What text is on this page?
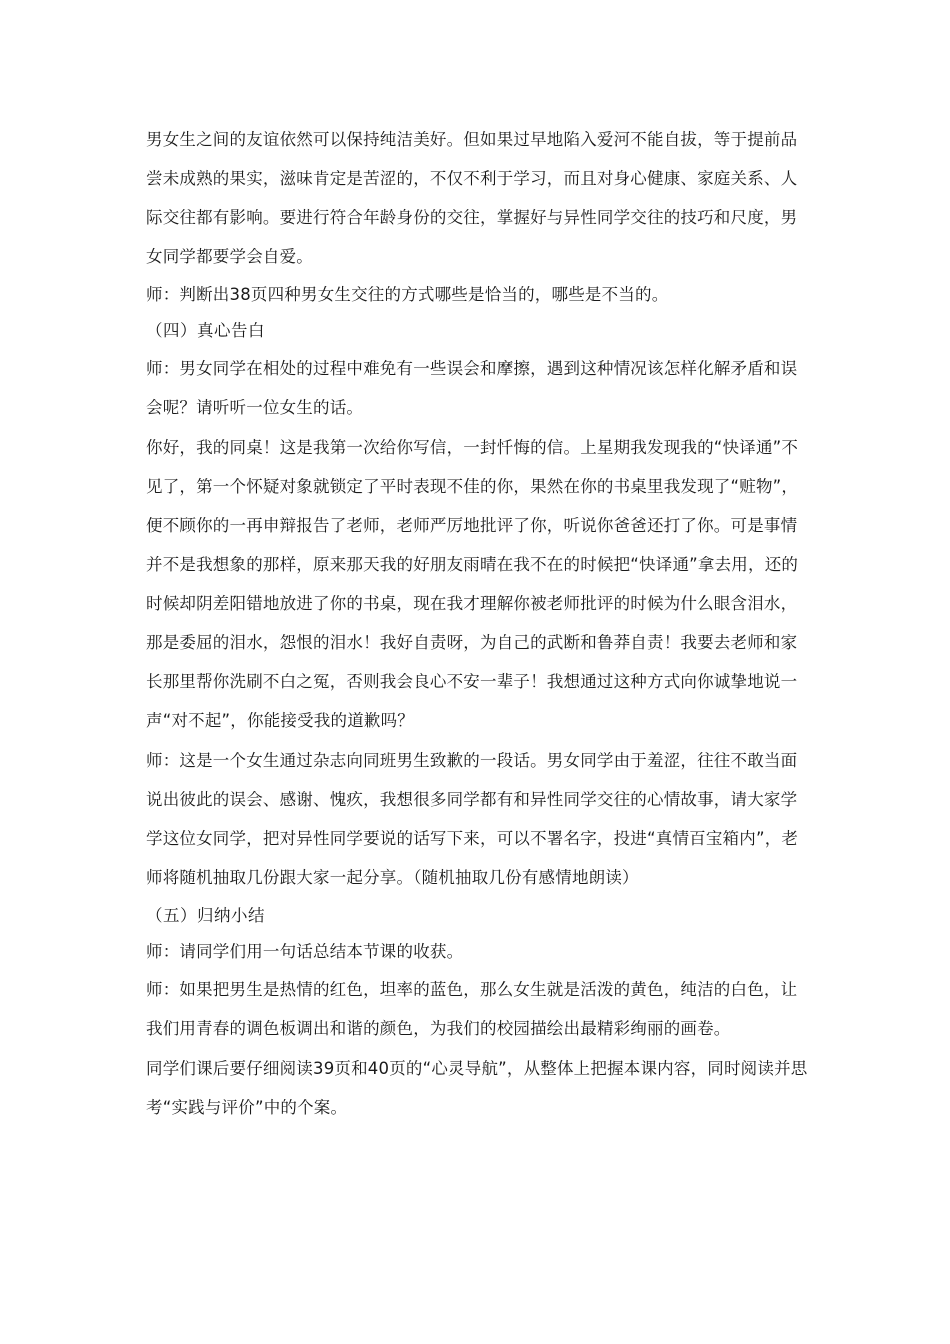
男女生之间的友谊依然可以保持纯洁美好。但如果过早地陷入爱河不能自拔，等于提前品尝未成熟的果实，滋味肯定是苦涩的，不仅不利于学习，而且对身心健康、家庭关系、人际交往都有影响。要进行符合年龄身份的交往，掌握好与异性同学交往的技巧和尺度，男女同学都要学会自爱。

师：判断出38页四种男女生交往的方式哪些是恰当的，哪些是不当的。

（四）真心告白

师：男女同学在相处的过程中难免有一些误会和摩擦，遇到这种情况该怎样化解矛盾和误会呢？请听听一位女生的话。

你好，我的同桌！这是我第一次给你写信，一封忏悔的信。上星期我发现我的“快译通”不见了，第一个怀疑对象就锁定了平时表现不佳的你，果然在你的书桌里我发现了“赃物”，便不顾你的一再申辩报告了老师，老师严厉地批评了你，听说你爸爸还打了你。可是事情并不是我想象的那样，原来那天我的好朋友雨晴在我不在的时候把“快译通”拿去用，还的时候却阴差阳错地放进了你的书桌，现在我才理解你被老师批评的时候为什么眼含泪水，那是委屈的泪水，怨恨的泪水！我好自责呀，为自己的武断和鲁莽自责！我要去老师和家长那里帮你洗刷不白之冤，否则我会良心不安一辈子！我想通过这种方式向你诚挚地说一声“对不起”，你能接受我的道歉吗？

师：这是一个女生通过杂志向同班男生致歉的一段话。男女同学由于羞涩，往往不敢当面说出彼此的误会、感谢、愧疚，我想很多同学都有和异性同学交往的心情故事，请大家学学这位女同学，把对异性同学要说的话写下来，可以不署名字，投进“真情百宝箱内”，老师将随机抽取几份跟大家一起分享。（随机抽取几份有感情地朗读）

（五）归纳小结

师：请同学们用一句话总结本节课的收获。

师：如果把男生是热情的红色，坦率的蓝色，那么女生就是活泼的黄色，纯洁的白色，让我们用青春的调色板调出和谐的颜色，为我们的校园描绘出最精彩绚丽的画卷。

同学们课后要仔细阅读39页和40页的“心灵导航”，从整体上把握本课内容，同时阅读并思考“实践与评价”中的个案。
